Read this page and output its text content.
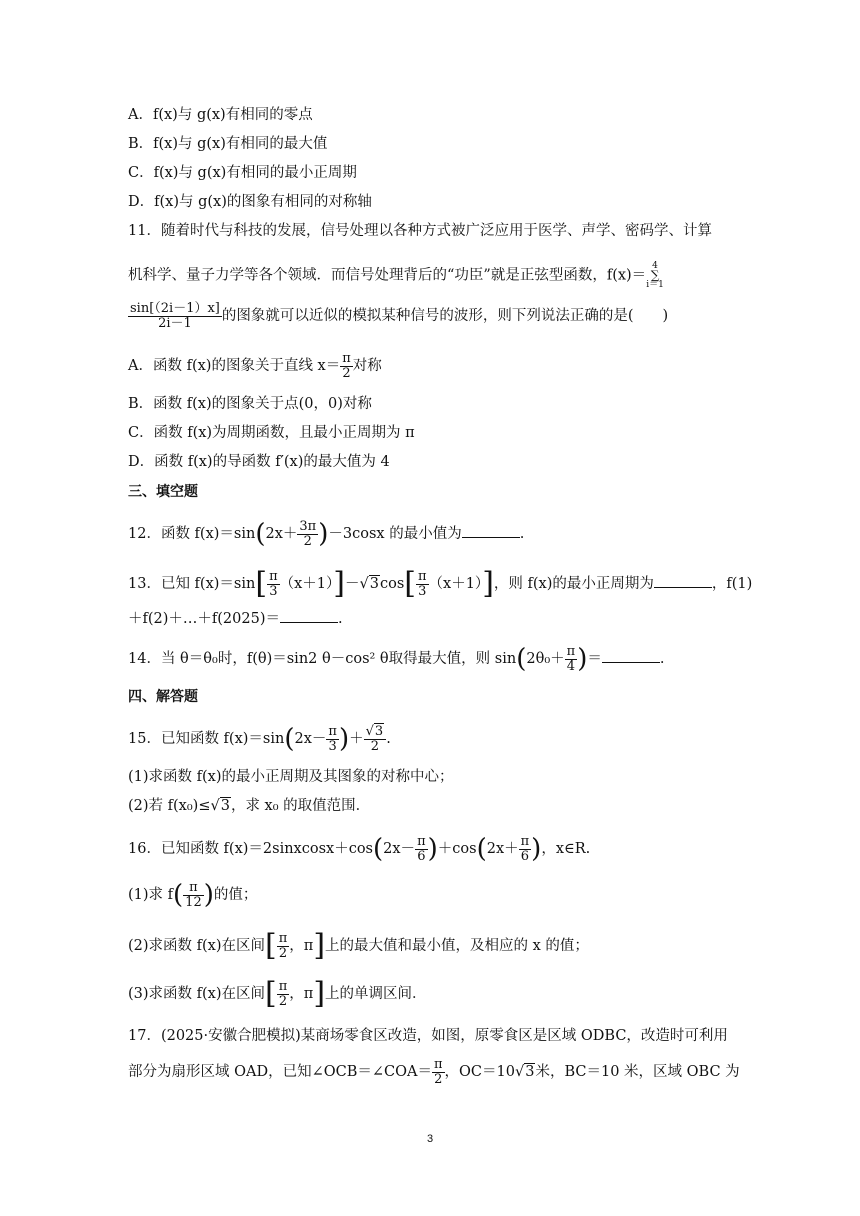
A．f(x)与 g(x)有相同的零点
B．f(x)与 g(x)有相同的最大值
C．f(x)与 g(x)有相同的最小正周期
D．f(x)与 g(x)的图象有相同的对称轴
11．随着时代与科技的发展，信号处理以各种方式被广泛应用于医学、声学、密码学、计算
机科学、量子力学等各个领域．而信号处理背后的“功臣”就是正弦型函数，f(x)＝4
∑
i＝1
$\frac{\sin[(2i-1)x]}{2i-1}$ 的图象就可以近似的模拟某种信号的波形，则下列说法正确的是(　　)
A．函数 f(x)的图象关于直线 $x= \frac{\pi}{2}$ 对称
B．函数 f(x)的图象关于点(0，0)对称
C．函数 f(x)为周期函数，且最小正周期为 π
D．函数 f(x)的导函数 f′(x)的最大值为 4
三、填空题
12．函数 $f(x)=\sin(2x+ \frac{3\pi}{2} )-3\cos x$ 的最小值为	.
13．已知 $f(x)=\sin[ \frac{\pi}{3} (x+1)]-√3\cos[ \frac{\pi}{3} (x+1)]$，则 f(x)的最小正周期为	，f(1)
＋f(2)＋…＋f(2025)＝	.
14．当 θ＝θ₀时，f(θ)＝sin2 θ－cos² θ取得最大值，则 $\sin(2\theta_0+ \frac{\pi}{4}$ )＝	.
四、解答题
15．已知函数 $f(x)=\sin(2x- \frac{\pi}{3}$ )＋ $\frac{√3}{2}$ .
(1)求函数 f(x)的最小正周期及其图象的对称中心；
(2)若 f(x₀)≤√3，求 x₀ 的取值范围．
16．已知函数 f(x)＝2sinxcosx＋cos(2x－ $\frac{\pi}{6} )+\cos(2x+ \frac{\pi}{6}$ )，x∈R.
(1)求 $f( \frac{\pi}{12}$ )的值；
(2)求函数 f(x)在区间[ $\frac{\pi}{2}$ ，π]上的最大值和最小值，及相应的 x 的值；
(3)求函数 f(x)在区间[ $\frac{\pi}{2}$ ，π]上的单调区间．
17．(2025·安徽合肥模拟)某商场零食区改造，如图，原零食区是区域 ODBC，改造时可利用
部分为扇形区域 OAD，已知∠OCB＝∠COA＝ $\frac{\pi}{2}$ ，OC＝10√3米，BC＝10 米，区域 OBC 为
3
